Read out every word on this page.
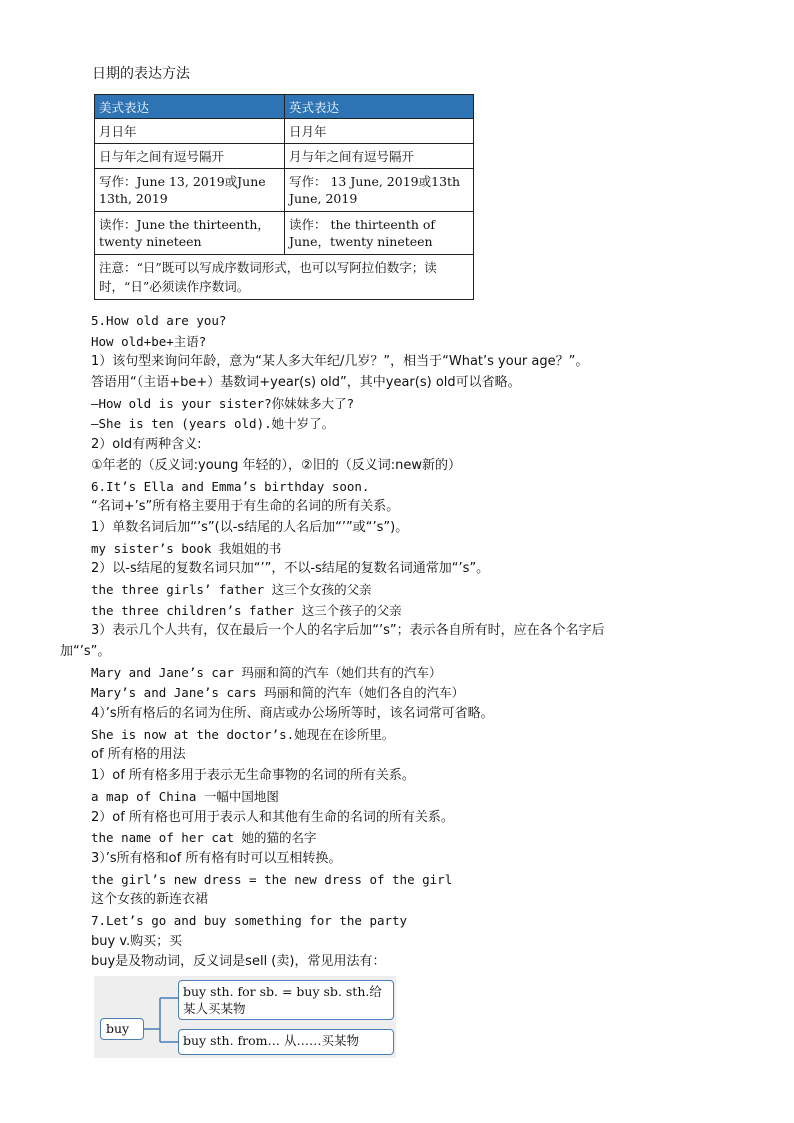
日期的表达方法
美式表达	英式表达
月日年	日月年
日与年之间有逗号隔开	月与年之间有逗号隔开
写作：June 13, 2019或June 13th, 2019	写作： 13 June, 2019或13th June, 2019
读作：June the thirteenth，twenty nineteen	读作： the thirteenth of June，twenty nineteen
注意：“日”既可以写成序数词形式，也可以写阿拉伯数字；读时，“日”必须读作序数词。	
5.How old are you?
How old+be+主语?
1）该句型来询问年龄，意为“某人多大年纪/几岁？”，相当于“What’s your age？”。
答语用“（主语+be+）基数词+year(s) old”，其中year(s) old可以省略。
—How old is your sister?你妹妹多大了?
—She is ten (years old).她十岁了。
2）old有两种含义:
①年老的（反义词:young 年轻的），②旧的（反义词:new新的）
6.It’s Ella and Emma’s birthday soon.
“名词+’s”所有格主要用于有生命的名词的所有关系。
1）单数名词后加“’s”(以-s结尾的人名后加“’”或“’s”)。
my sister’s book 我姐姐的书
2）以-s结尾的复数名词只加“’”，不以-s结尾的复数名词通常加“’s”。
the three girls’ father 这三个女孩的父亲
the three children’s father 这三个孩子的父亲
3）表示几个人共有，仅在最后一个人的名字后加“’s”；表示各自所有时，应在各个名字后
加“’s”。
Mary and Jane’s car 玛丽和简的汽车（她们共有的汽车）
Mary’s and Jane’s cars 玛丽和简的汽车（她们各自的汽车）
4）’s所有格后的名词为住所、商店或办公场所等时，该名词常可省略。
She is now at the doctor’s.她现在在诊所里。
of 所有格的用法
1）of 所有格多用于表示无生命事物的名词的所有关系。
a map of China 一幅中国地图
2）of 所有格也可用于表示人和其他有生命的名词的所有关系。
the name of her cat 她的猫的名字
3）’s所有格和of 所有格有时可以互相转换。
the girl’s new dress = the new dress of the girl
这个女孩的新连衣裙
7.Let’s go and buy something for the party
buy v.购买；买
buy是及物动词，反义词是sell (卖)，常见用法有：
buy
buy sth. for sb. = buy sb. sth.给某人买某物
buy sth. from… 从……买某物
